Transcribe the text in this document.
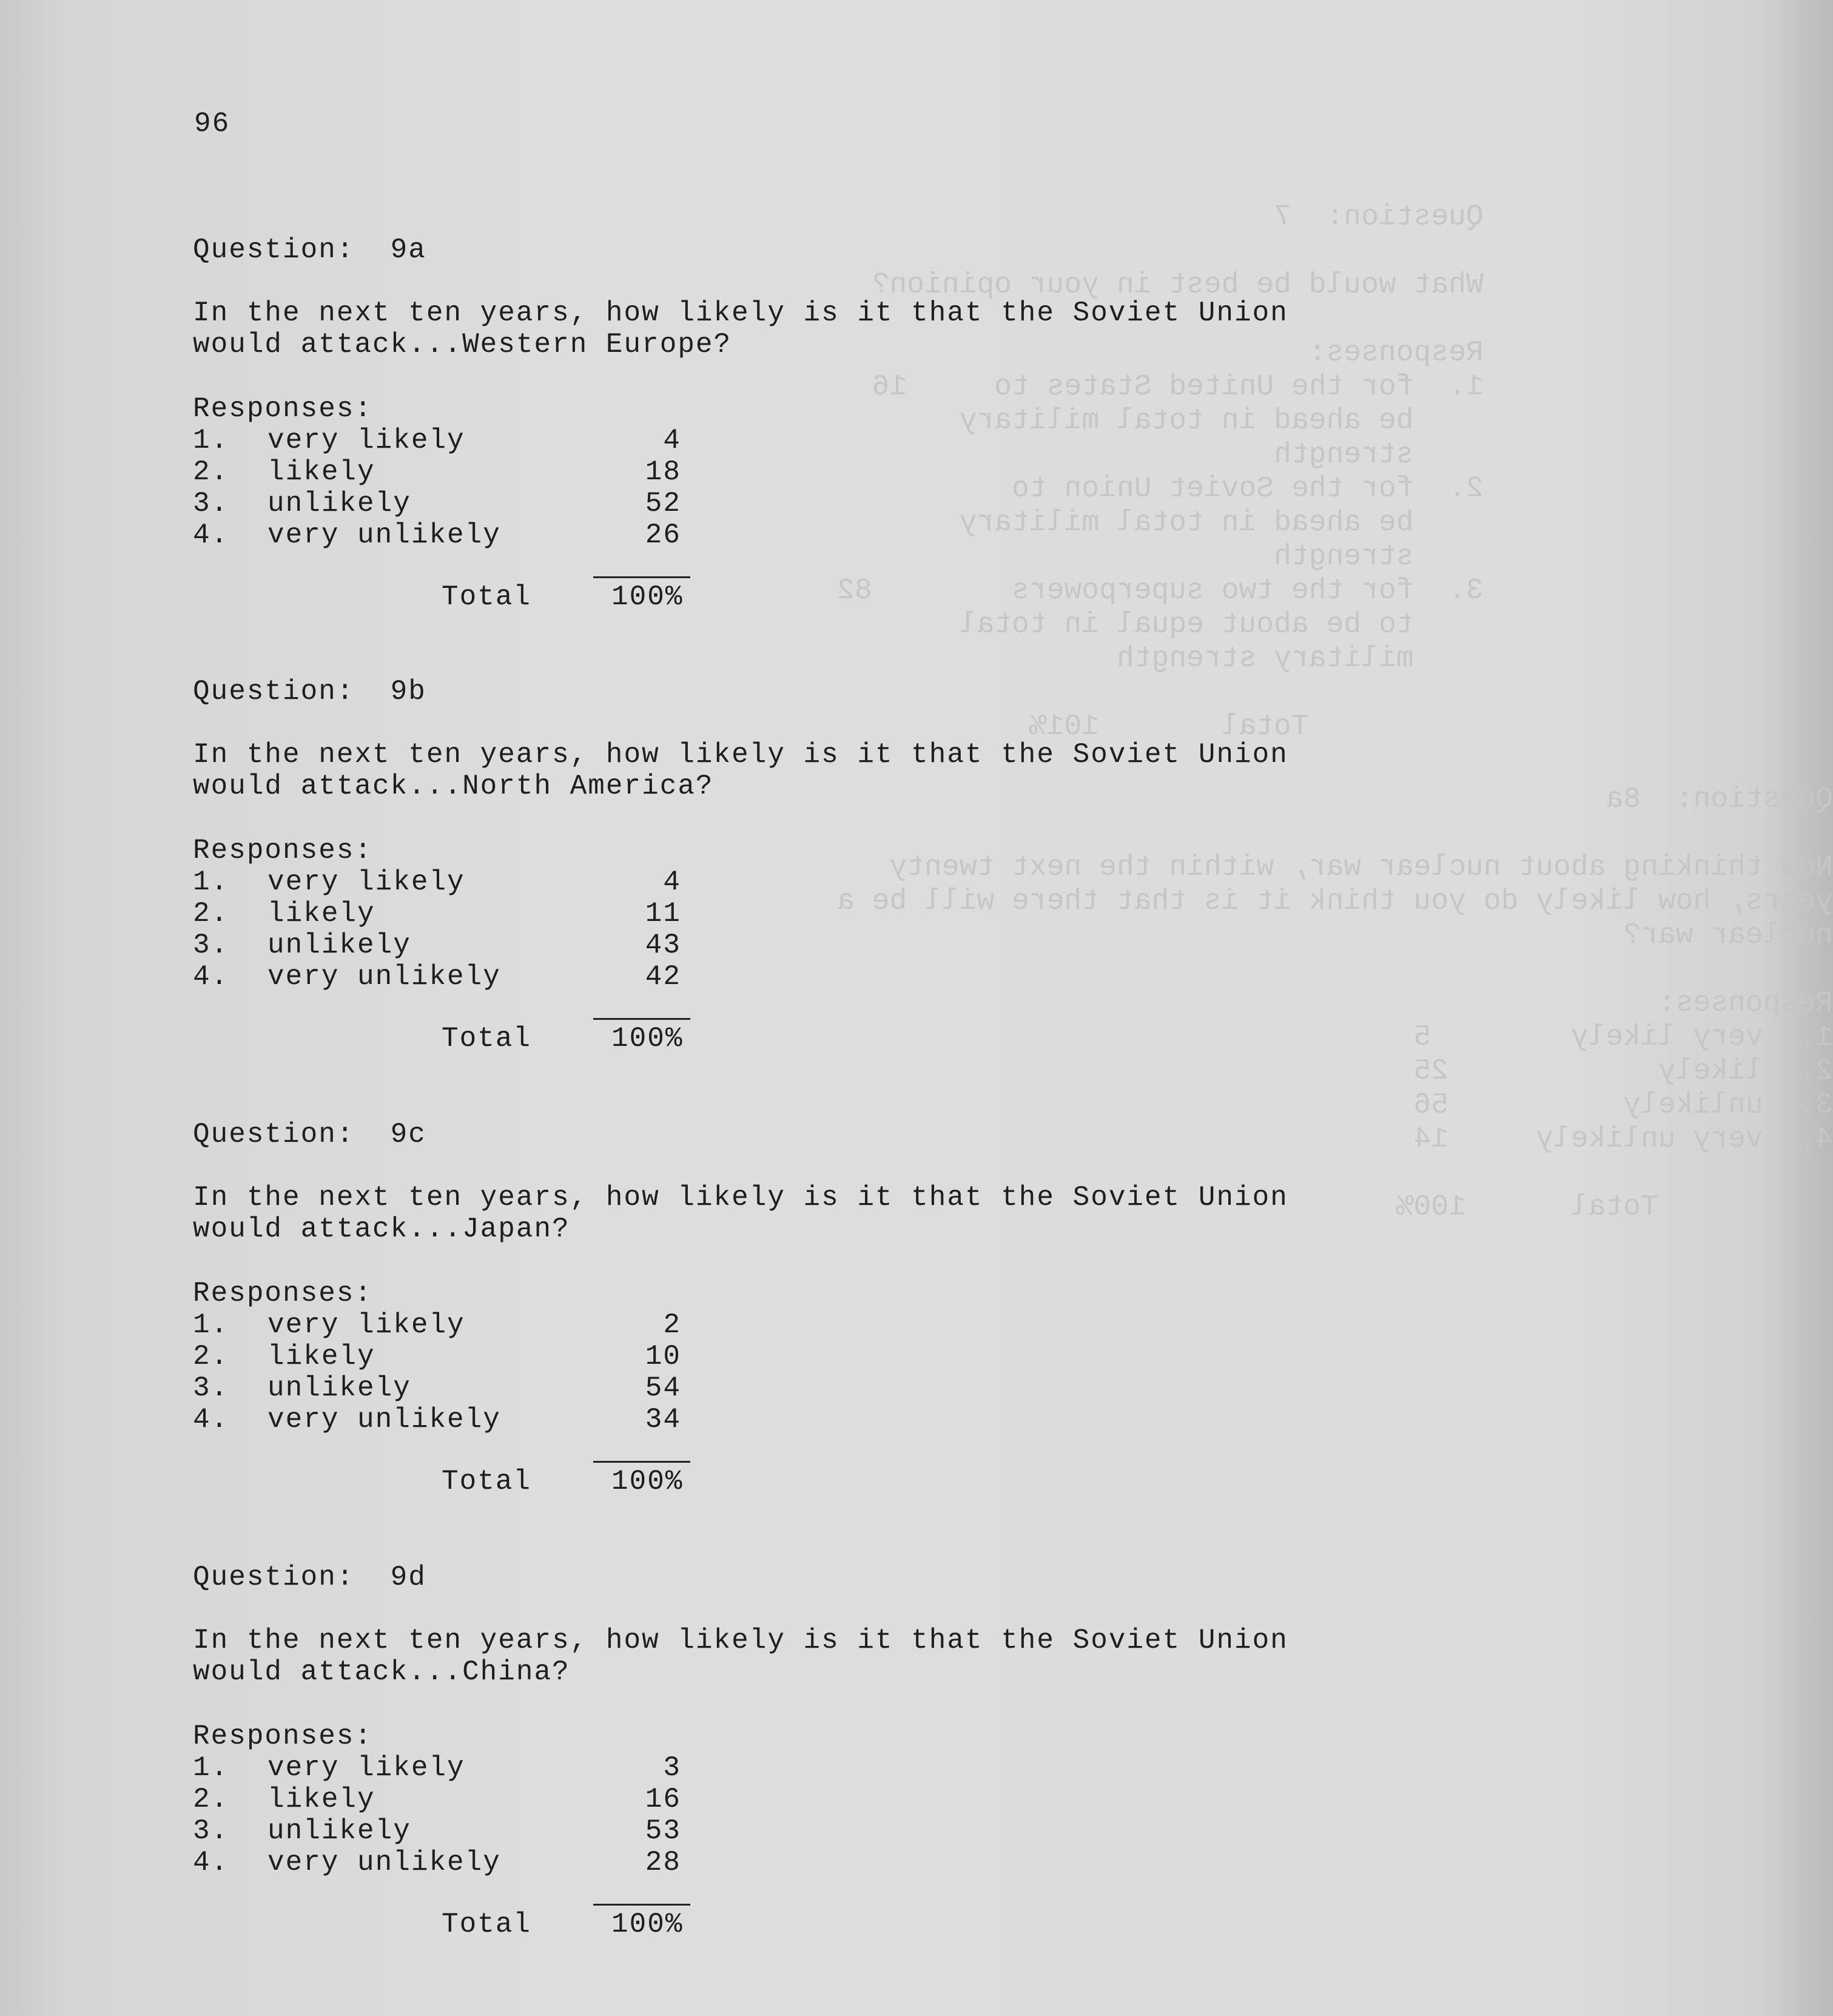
Question:  7

What would be best in your opinion?

Responses:
1.  for the United States to     16
be ahead in total military
strength
2.  for the Soviet Union to
be ahead in total military
strength
3.  for the two superpowers        82
to be about equal in total
military strength

Total       101%
Question:  8a

Now thinking about nuclear war, within the next twenty
years, how likely do you think it is that there will be a
nuclear war?

Responses:
1.  very likely        5
2.  likely            25
3.  unlikely          56
4.  very unlikely     14

Total      100%
96
Question:  9a
In the next ten years, how likely is it that the Soviet Union would attack...Western Europe?
Responses:
1. very likely	4
2. likely	18
3. unlikely	52
4. very unlikely	26
Total	100%
Question:  9b
In the next ten years, how likely is it that the Soviet Union would attack...North America?
Responses:
1. very likely	4
2. likely	11
3. unlikely	43
4. very unlikely	42
Total	100%
Question:  9c
In the next ten years, how likely is it that the Soviet Union would attack...Japan?
Responses:
1. very likely	2
2. likely	10
3. unlikely	54
4. very unlikely	34
Total	100%
Question:  9d
In the next ten years, how likely is it that the Soviet Union would attack...China?
Responses:
1. very likely	3
2. likely	16
3. unlikely	53
4. very unlikely	28
Total	100%
